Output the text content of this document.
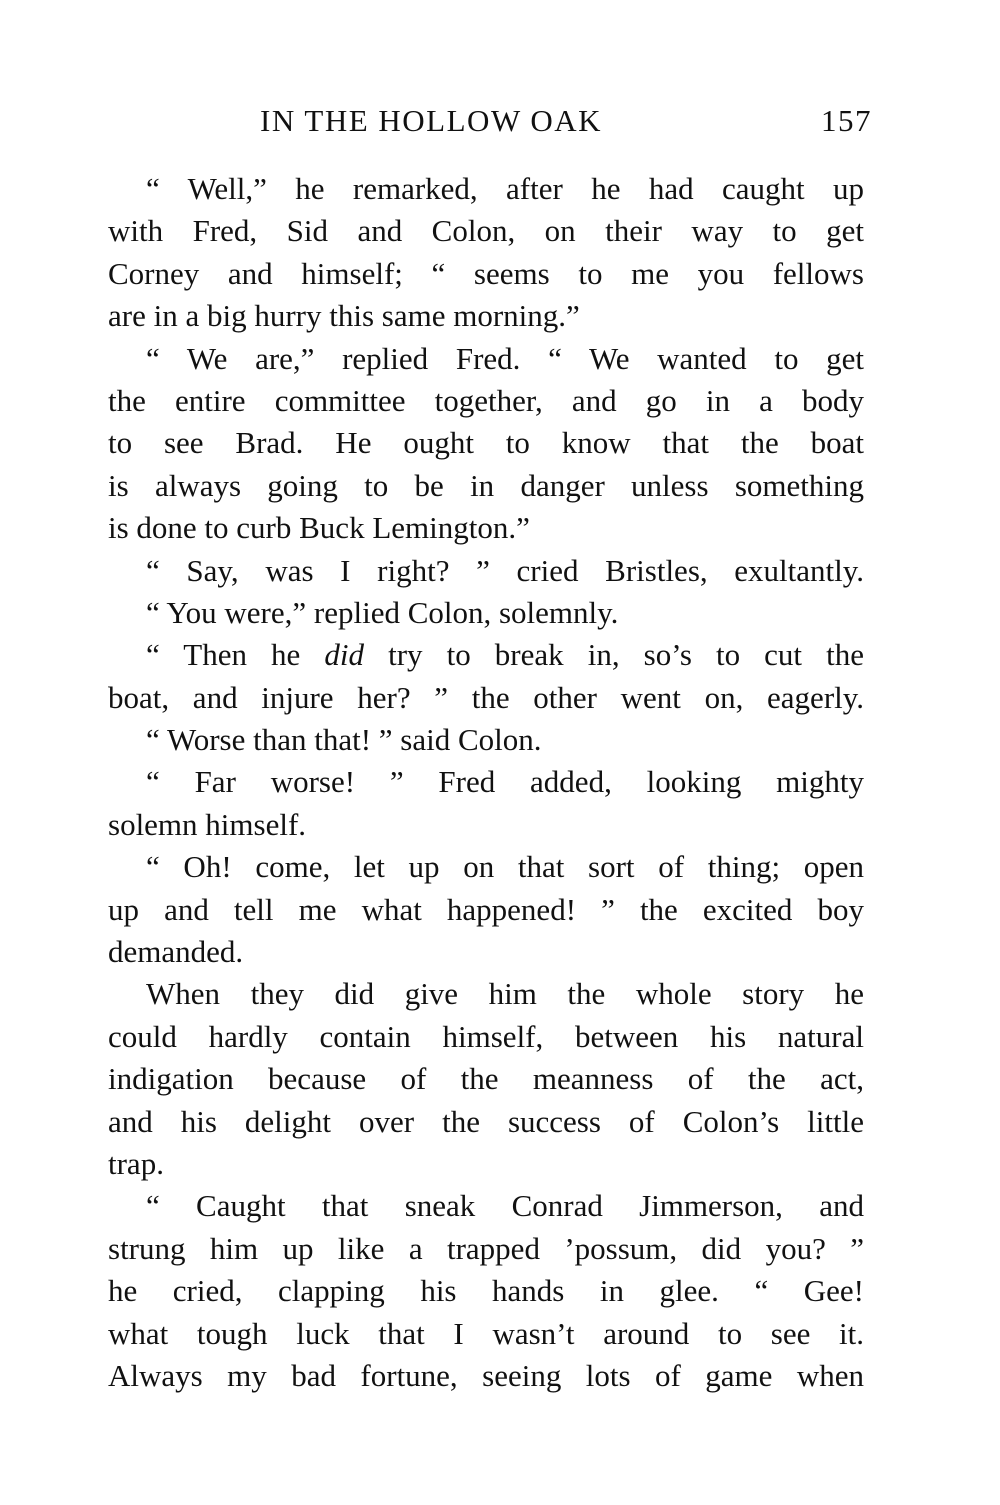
IN THE HOLLOW OAK	157
“ Well,” he remarked, after he had caught up
with Fred, Sid and Colon, on their way to get
Corney and himself; “ seems to me you fellows
are in a big hurry this same morning.”
“ We are,” replied Fred. “ We wanted to get
the entire committee together, and go in a body
to see Brad. He ought to know that the boat
is always going to be in danger unless something
is done to curb Buck Lemington.”
“ Say, was I right? ” cried Bristles, exultantly.
“ You were,” replied Colon, solemnly.
“ Then he did try to break in, so’s to cut the
boat, and injure her? ” the other went on, eagerly.
“ Worse than that! ” said Colon.
“ Far worse! ” Fred added, looking mighty
solemn himself.
“ Oh! come, let up on that sort of thing; open
up and tell me what happened! ” the excited boy
demanded.
When they did give him the whole story he
could hardly contain himself, between his natural
indigation because of the meanness of the act,
and his delight over the success of Colon’s little
trap.
“ Caught that sneak Conrad Jimmerson, and
strung him up like a trapped ’possum, did you? ”
he cried, clapping his hands in glee. “ Gee!
what tough luck that I wasn’t around to see it.
Always my bad fortune, seeing lots of game when
